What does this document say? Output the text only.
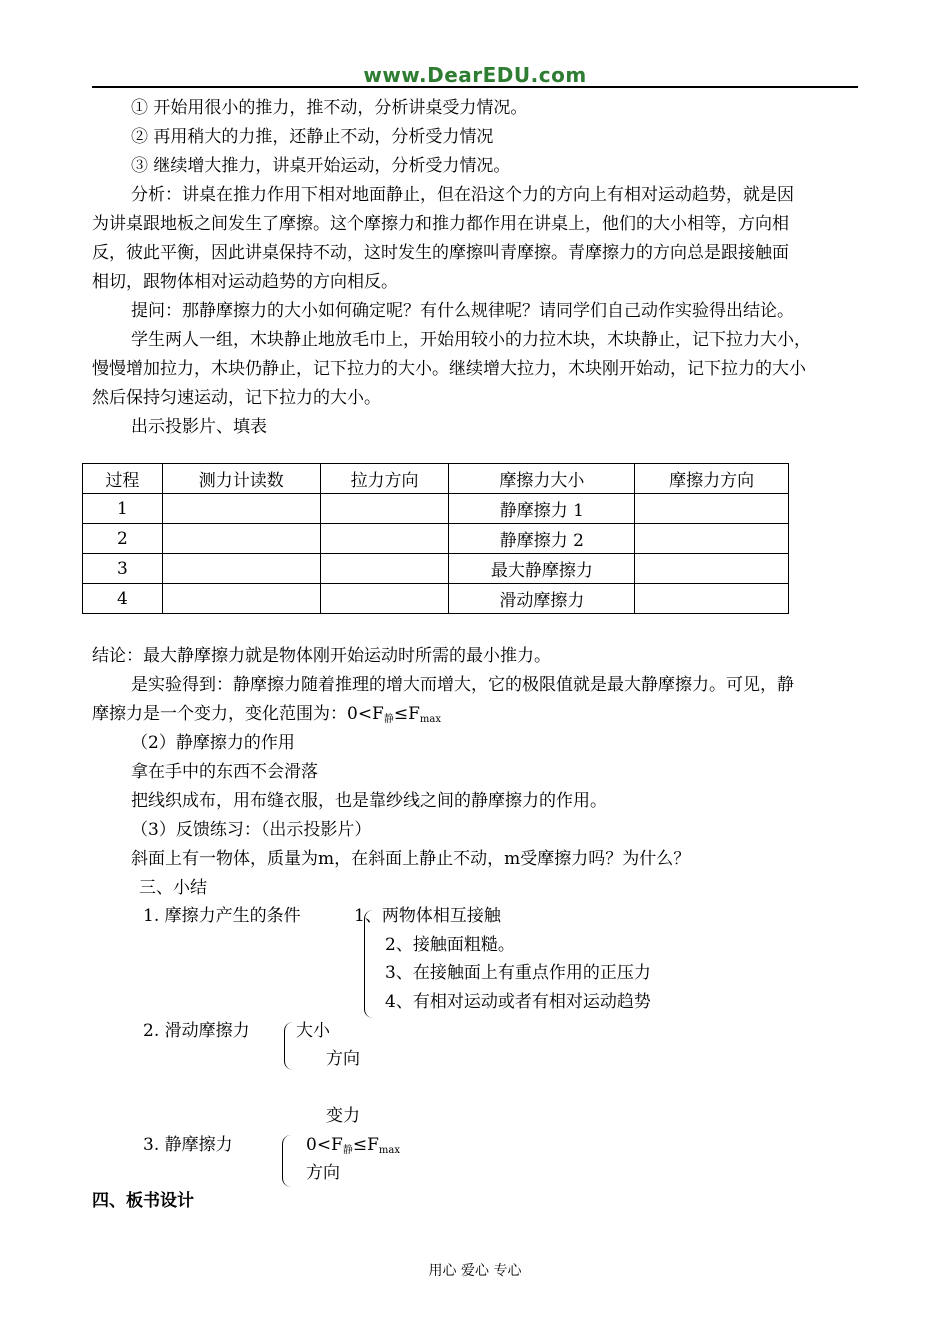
www.DearEDU.com
① 开始用很小的推力，推不动，分析讲桌受力情况。
② 再用稍大的力推，还静止不动，分析受力情况
③ 继续增大推力，讲桌开始运动，分析受力情况。
分析：讲桌在推力作用下相对地面静止，但在沿这个力的方向上有相对运动趋势，就是因
为讲桌跟地板之间发生了摩擦。这个摩擦力和推力都作用在讲桌上，他们的大小相等，方向相
反，彼此平衡，因此讲桌保持不动，这时发生的摩擦叫青摩擦。青摩擦力的方向总是跟接触面
相切，跟物体相对运动趋势的方向相反。
提问：那静摩擦力的大小如何确定呢？有什么规律呢？请同学们自己动作实验得出结论。
学生两人一组，木块静止地放毛巾上，开始用较小的力拉木块，木块静止，记下拉力大小，
慢慢增加拉力，木块仍静止，记下拉力的大小。继续增大拉力，木块刚开始动，记下拉力的大小
然后保持匀速运动，记下拉力的大小。
出示投影片、填表
过程	测力计读数	拉力方向	摩擦力大小	摩擦力方向
1			静摩擦力 1	
2			静摩擦力 2	
3			最大静摩擦力	
4			滑动摩擦力	
结论：最大静摩擦力就是物体刚开始运动时所需的最小推力。
是实验得到：静摩擦力随着推理的增大而增大，它的极限值就是最大静摩擦力。可见，静
摩擦力是一个变力，变化范围为：$0<F_静\le F_{max}$
（2）静摩擦力的作用
拿在手中的东西不会滑落
把线织成布，用布缝衣服，也是靠纱线之间的静摩擦力的作用。
（3）反馈练习：（出示投影片）
斜面上有一物体，质量为m，在斜面上静止不动，m受摩擦力吗？为什么？
三、小结
1. 摩擦力产生的条件	1、两物体相互接触
2、接触面粗糙。
3、在接触面上有重点作用的正压力
4、有相对运动或者有相对运动趋势
2. 滑动摩擦力	大小
方向
变力
3. 静摩擦力	$0<F_静\le F_{max}$
方向
四、板书设计
用心 爱心 专心
